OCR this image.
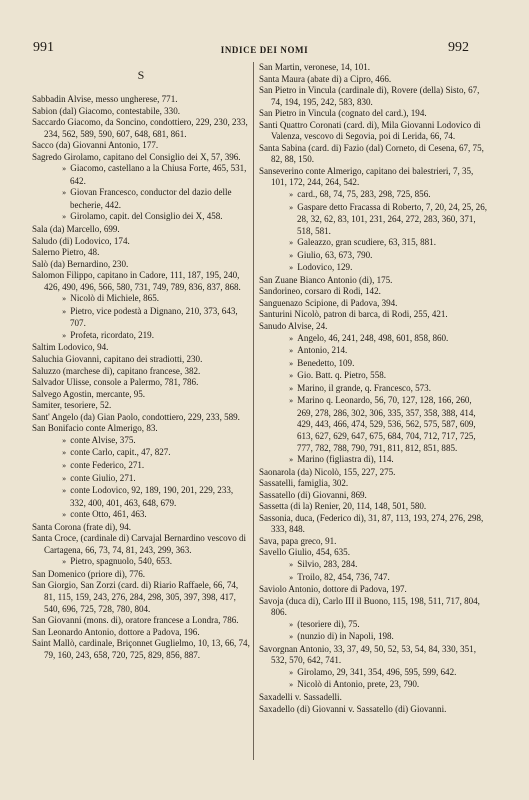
991	INDICE DEI NOMI	992
S
Sabbadin Alvise, messo ungherese, 771.
Sabion (dal) Giacomo, contestabile, 330.
Saccardo Giacomo, da Soncino, condottiero, 229, 230, 233, 234, 562, 589, 590, 607, 648, 681, 861.
Sacco (da) Giovanni Antonio, 177.
Sagredo Girolamo, capitano del Consiglio dei X, 57, 396.
» Giacomo, castellano a la Chiusa Forte, 465, 531, 642.
» Giovan Francesco, conductor del dazio delle becherie, 442.
» Girolamo, capit. del Consiglio dei X, 458.
Sala (da) Marcello, 699.
Saludo (di) Lodovico, 174.
Salerno Pietro, 48.
Salò (da) Bernardino, 230.
Salomon Filippo, capitano in Cadore, 111, 187, 195, 240, 426, 490, 496, 566, 580, 731, 749, 789, 836, 837, 868.
» Nicolò di Michiele, 865.
» Pietro, vice podestà a Dignano, 210, 373, 643, 707.
» Profeta, ricordato, 219.
Saltim Lodovico, 94.
Saluchia Giovanni, capitano dei stradiotti, 230.
Saluzzo (marchese di), capitano francese, 382.
Salvador Ulisse, console a Palermo, 781, 786.
Salvego Agostin, mercante, 95.
Samiter, tesoriere, 52.
Sant' Angelo (da) Gian Paolo, condottiero, 229, 233, 589.
San Bonifacio conte Almerigo, 83.
» conte Alvise, 375.
» conte Carlo, capit., 47, 827.
» conte Federico, 271.
» conte Giulio, 271.
» conte Lodovico, 92, 189, 190, 201, 229, 233, 332, 400, 401, 463, 648, 679.
» conte Otto, 461, 463.
Santa Corona (frate di), 94.
Santa Croce, (cardinale di) Carvajal Bernardino vescovo di Cartagena, 66, 73, 74, 81, 243, 299, 363.
» Pietro, spagnuolo, 540, 653.
San Domenico (priore di), 776.
San Giorgio, San Zorzi (card. di) Riario Raffaele, 66, 74, 81, 115, 159, 243, 276, 284, 298, 305, 397, 398, 417, 540, 696, 725, 728, 780, 804.
San Giovanni (mons. di), oratore francese a Londra, 786.
San Leonardo Antonio, dottore a Padova, 196.
Saint Mallò, cardinale, Briçonnet Guglielmo, 10, 13, 66, 74, 79, 160, 243, 658, 720, 725, 829, 856, 887.
San Martin, veronese, 14, 101.
Santa Maura (abate di) a Cipro, 466.
San Pietro in Vincula (cardinale di), Rovere (della) Sisto, 67, 74, 194, 195, 242, 583, 830.
San Pietro in Vincula (cognato del card.), 194.
Santi Quattro Coronati (card. di), Mila Giovanni Lodovico di Valenza, vescovo di Segovia, poi di Lerida, 66, 74.
Santa Sabina (card. di) Fazio (dal) Corneto, di Cesena, 67, 75, 82, 88, 150.
Sanseverino conte Almerigo, capitano dei balestrieri, 7, 35, 101, 172, 244, 264, 542.
» card., 68, 74, 75, 283, 298, 725, 856.
» Gaspare detto Fracassa di Roberto, 7, 20, 24, 25, 26, 28, 32, 62, 83, 101, 231, 264, 272, 283, 360, 371, 518, 581.
» Galeazzo, gran scudiere, 63, 315, 881.
» Giulio, 63, 673, 790.
» Lodovico, 129.
San Zuane Bianco Antonio (di), 175.
Sandorineo, corsaro di Rodi, 142.
Sanguenazo Scipione, di Padova, 394.
Santurini Nicolò, patron di barca, di Rodi, 255, 421.
Sanudo Alvise, 24.
» Angelo, 46, 241, 248, 498, 601, 858, 860.
» Antonio, 214.
» Benedetto, 109.
» Gio. Batt. q. Pietro, 558.
» Marino, il grande, q. Francesco, 573.
» Marino q. Leonardo, 56, 70, 127, 128, 166, 260, 269, 278, 286, 302, 306, 335, 357, 358, 388, 414, 429, 443, 466, 474, 529, 536, 562, 575, 587, 609, 613, 627, 629, 647, 675, 684, 704, 712, 717, 725, 777, 782, 788, 790, 791, 811, 812, 851, 885.
» Marino (figliastra di), 114.
Saonarola (da) Nicolò, 155, 227, 275.
Sassatelli, famiglia, 302.
Sassatello (di) Giovanni, 869.
Sassetta (di la) Renier, 20, 114, 148, 501, 580.
Sassonia, duca, (Federico di), 31, 87, 113, 193, 274, 276, 298, 333, 848.
Sava, papa greco, 91.
Savello Giulio, 454, 635.
» Silvio, 283, 284.
» Troilo, 82, 454, 736, 747.
Saviolo Antonio, dottore di Padova, 197.
Savoja (duca di), Carlo III il Buono, 115, 198, 511, 717, 804, 806.
» (tesoriere di), 75.
» (nunzio di) in Napoli, 198.
Savorgnan Antonio, 33, 37, 49, 50, 52, 53, 54, 84, 330, 351, 532, 570, 642, 741.
» Girolamo, 29, 341, 354, 496, 595, 599, 642.
» Nicolò di Antonio, prete, 23, 790.
Saxadelli v. Sassadelli.
Saxadello (di) Giovanni v. Sassatello (di) Giovanni.
